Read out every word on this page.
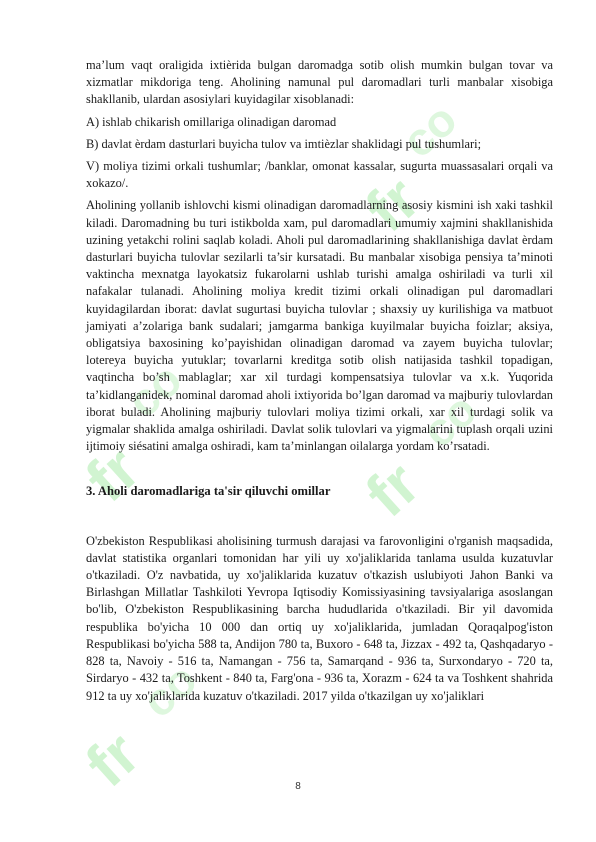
fr
fr
fr
fr
co
co	co
co

ma’lum vaqt oraligida ixtièrida bulgan daromadga sotib olish mumkin bulgan tovar va xizmatlar mikdoriga teng. Aholining namunal pul daromadlari turli manbalar xisobiga shakllanib, ulardan asosiylari kuyidagilar xisoblanadi:

A) ishlab chikarish omillariga olinadigan daromad

B) davlat èrdam dasturlari buyicha tulov va imtièzlar shaklidagi pul tushumlari;

V) moliya tizimi orkali tushumlar; /banklar, omonat kassalar, sugurta muassasalari orqali va xokazo/.

Aholining yollanib ishlovchi kismi olinadigan daromadlarning asosiy kismini ish xaki tashkil kiladi. Daromadning bu turi istikbolda xam, pul daromadlari umumiy xajmini shakllanishida uzining yetakchi rolini saqlab koladi. Aholi pul daromadlarining shakllanishiga davlat èrdam dasturlari buyicha tulovlar sezilarli ta’sir kursatadi. Bu manbalar xisobiga pensiya ta’minoti vaktincha mexnatga layokatsiz fukarolarni ushlab turishi amalga oshiriladi va turli xil nafakalar tulanadi. Aholining moliya kredit tizimi orkali olinadigan pul daromadlari kuyidagilardan iborat: davlat sugurtasi buyicha tulovlar ; shaxsiy uy kurilishiga va matbuot jamiyati a’zolariga bank sudalari; jamgarma bankiga kuyilmalar buyicha foizlar; aksiya, obligatsiya baxosining ko’payishidan olinadigan daromad va zayem buyicha tulovlar; lotereya buyicha yutuklar; tovarlarni kreditga sotib olish natijasida tashkil topadigan, vaqtincha bo’sh mablaglar; xar xil turdagi kompensatsiya tulovlar va x.k. Yuqorida ta’kidlanganidek, nominal daromad aholi ixtiyorida bo’lgan daromad va majburiy tulovlardan iborat buladi. Aholining majburiy tulovlari moliya tizimi orkali, xar xil turdagi solik va yigmalar shaklida amalga oshiriladi. Davlat solik tulovlari va yigmalarini tuplash orqali uzini ijtimoiy siésatini amalga oshiradi, kam ta’minlangan oilalarga yordam ko’rsatadi.

3. Aholi daromadlariga ta'sir qiluvchi omillar

O'zbekiston Respublikasi aholisining turmush darajasi va farovonligini o'rganish maqsadida, davlat statistika organlari tomonidan har yili uy xo'jaliklarida tanlama usulda kuzatuvlar o'tkaziladi. O'z navbatida, uy xo'jaliklarida kuzatuv o'tkazish uslubiyoti Jahon Banki va Birlashgan Millatlar Tashkiloti Yevropa Iqtisodiy Komissiyasining tavsiyalariga asoslangan bo'lib, O'zbekiston Respublikasining barcha hududlarida o'tkaziladi. Bir yil davomida respublika bo'yicha 10 000 dan ortiq uy xo'jaliklarida, jumladan Qoraqalpog'iston Respublikasi bo'yicha 588 ta, Andijon 780 ta, Buxoro - 648 ta, Jizzax - 492 ta, Qashqadaryo - 828 ta, Navoiy - 516 ta, Namangan - 756 ta, Samarqand - 936 ta, Surxondaryo - 720 ta, Sirdaryo - 432 ta, Toshkent - 840 ta, Farg'ona - 936 ta, Xorazm - 624 ta va Toshkent shahrida 912 ta uy xo'jaliklarida kuzatuv o'tkaziladi. 2017 yilda o'tkazilgan uy xo'jaliklari

8
